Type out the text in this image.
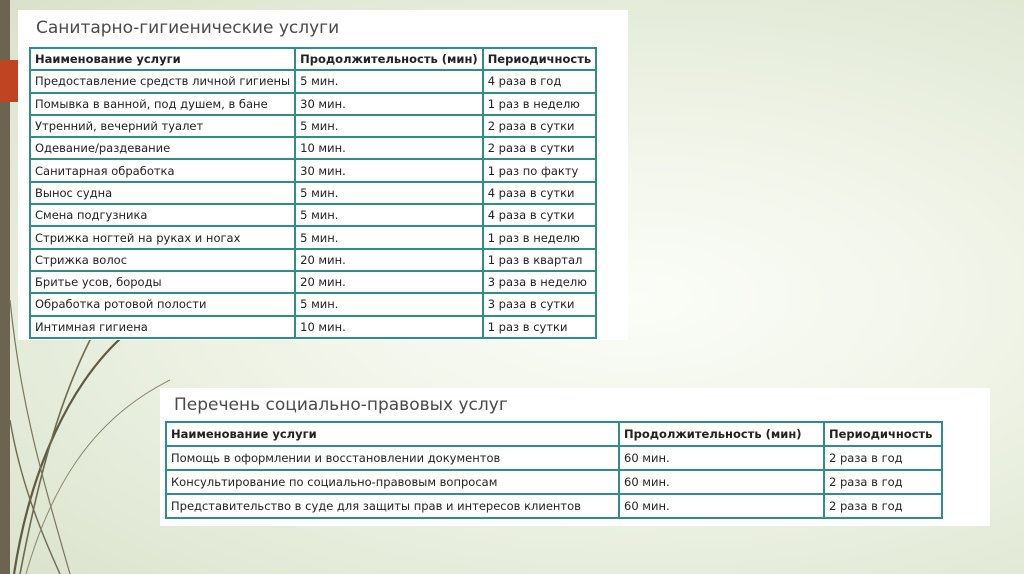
Санитарно-гигиенические услуги
Наименование услуги	Продолжительность (мин)	Периодичность
Предоставление средств личной гигиены	5 мин.	4 раза в год
Помывка в ванной, под душем, в бане	30 мин.	1 раз в неделю
Утренний, вечерний туалет	5 мин.	2 раза в сутки
Одевание/раздевание	10 мин.	2 раза в сутки
Санитарная обработка	30 мин.	1 раз по факту
Вынос судна	5 мин.	4 раза в сутки
Смена подгузника	5 мин.	4 раза в сутки
Стрижка ногтей на руках и ногах	5 мин.	1 раз в неделю
Стрижка волос	20 мин.	1 раз в квартал
Бритье усов, бороды	20 мин.	3 раза в неделю
Обработка ротовой полости	5 мин.	3 раза в сутки
Интимная гигиена	10 мин.	1 раз в сутки
Перечень социально-правовых услуг
Наименование услуги	Продолжительность (мин)	Периодичность
Помощь в оформлении и восстановлении документов	60 мин.	2 раза в год
Консультирование по социально-правовым вопросам	60 мин.	2 раза в год
Представительство в суде для защиты прав и интересов клиентов	60 мин.	2 раза в год
